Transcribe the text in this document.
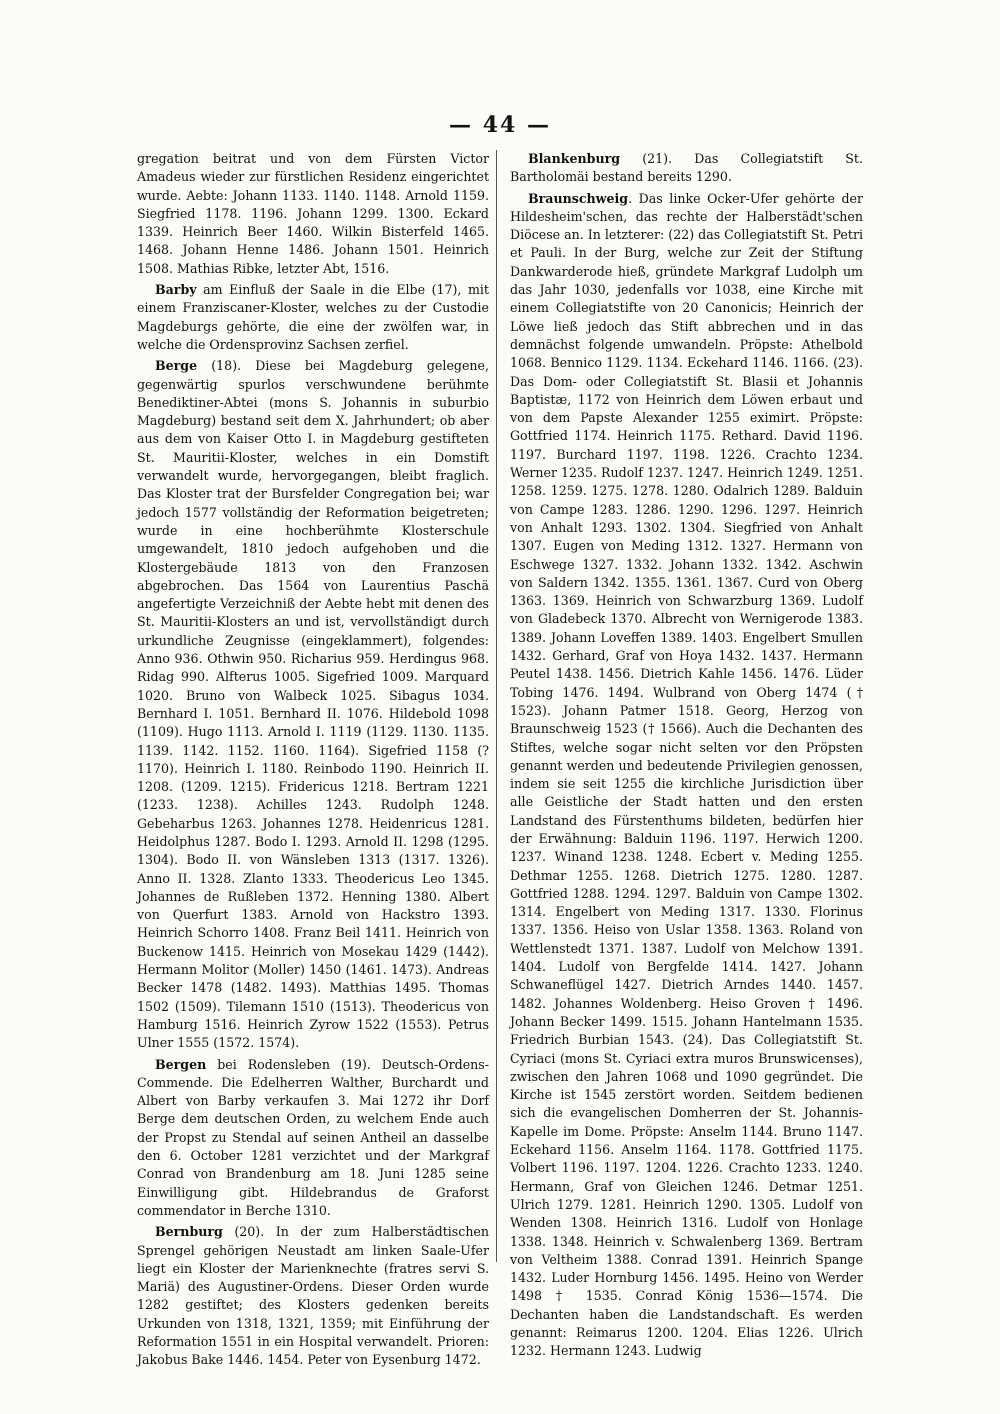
— 44 —

gregation beitrat und von dem Fürsten Victor Amadeus wieder zur fürstlichen Residenz eingerichtet wurde. Aebte: Johann 1133. 1140. 1148. Arnold 1159. Siegfried 1178. 1196. Johann 1299. 1300. Eckard 1339. Heinrich Beer 1460. Wilkin Bisterfeld 1465. 1468. Johann Henne 1486. Johann 1501. Heinrich 1508. Mathias Ribke, letzter Abt, 1516.

Barby am Einfluß der Saale in die Elbe (17), mit einem Franziscaner-Kloster, welches zu der Custodie Magdeburgs gehörte, die eine der zwölfen war, in welche die Ordensprovinz Sachsen zerfiel.

Berge (18). Diese bei Magdeburg gelegene, gegenwärtig spurlos verschwundene berühmte Benediktiner-Abtei (mons S. Johannis in suburbio Magdeburg) bestand seit dem X. Jahrhundert; ob aber aus dem von Kaiser Otto I. in Magdeburg gestifteten St. Mauritii-Kloster, welches in ein Domstift verwandelt wurde, hervorgegangen, bleibt fraglich. Das Kloster trat der Bursfelder Congregation bei; war jedoch 1577 vollständig der Reformation beigetreten; wurde in eine hochberühmte Klosterschule umgewandelt, 1810 jedoch aufgehoben und die Klostergebäude 1813 von den Franzosen abgebrochen. Das 1564 von Laurentius Paschä angefertigte Verzeichniß der Aebte hebt mit denen des St. Mauritii-Klosters an und ist, vervollständigt durch urkundliche Zeugnisse (eingeklammert), folgendes: Anno 936. Othwin 950. Richarius 959. Herdingus 968. Ridag 990. Alfterus 1005. Sigefried 1009. Marquard 1020. Bruno von Walbeck 1025. Sibagus 1034. Bernhard I. 1051. Bernhard II. 1076. Hildebold 1098 (1109). Hugo 1113. Arnold I. 1119 (1129. 1130. 1135. 1139. 1142. 1152. 1160. 1164). Sigefried 1158 (?1170). Heinrich I. 1180. Reinbodo 1190. Heinrich II. 1208. (1209. 1215). Fridericus 1218. Bertram 1221 (1233. 1238). Achilles 1243. Rudolph 1248. Gebeharbus 1263. Johannes 1278. Heidenricus 1281. Heidolphus 1287. Bodo I. 1293. Arnold II. 1298 (1295. 1304). Bodo II. von Wänsleben 1313 (1317. 1326). Anno II. 1328. Zlanto 1333. Theodericus Leo 1345. Johannes de Rußleben 1372. Henning 1380. Albert von Querfurt 1383. Arnold von Hackstro 1393. Heinrich Schorro 1408. Franz Beil 1411. Heinrich von Buckenow 1415. Heinrich von Mosekau 1429 (1442). Hermann Molitor (Moller) 1450 (1461. 1473). Andreas Becker 1478 (1482. 1493). Matthias 1495. Thomas 1502 (1509). Tilemann 1510 (1513). Theodericus von Hamburg 1516. Heinrich Zyrow 1522 (1553). Petrus Ulner 1555 (1572. 1574).

Bergen bei Rodensleben (19). Deutsch-Ordens-Commende. Die Edelherren Walther, Burchardt und Albert von Barby verkaufen 3. Mai 1272 ihr Dorf Berge dem deutschen Orden, zu welchem Ende auch der Propst zu Stendal auf seinen Antheil an dasselbe den 6. October 1281 verzichtet und der Markgraf Conrad von Brandenburg am 18. Juni 1285 seine Einwilligung gibt. Hildebrandus de Graforst commendator in Berche 1310.

Bernburg (20). In der zum Halberstädtischen Sprengel gehörigen Neustadt am linken Saale-Ufer liegt ein Kloster der Marienknechte (fratres servi S. Mariä) des Augustiner-Ordens. Dieser Orden wurde 1282 gestiftet; des Klosters gedenken bereits Urkunden von 1318, 1321, 1359; mit Einführung der Reformation 1551 in ein Hospital verwandelt. Prioren: Jakobus Bake 1446. 1454. Peter von Eysenburg 1472.

Blankenburg (21). Das Collegiatstift St. Bartholomäi bestand bereits 1290.

Braunschweig. Das linke Ocker-Ufer gehörte der Hildesheim'schen, das rechte der Halberstädt'schen Diöcese an. In letzterer: (22) das Collegiatstift St. Petri et Pauli. In der Burg, welche zur Zeit der Stiftung Dankwarderode hieß, gründete Markgraf Ludolph um das Jahr 1030, jedenfalls vor 1038, eine Kirche mit einem Collegiatstifte von 20 Canonicis; Heinrich der Löwe ließ jedoch das Stift abbrechen und in das demnächst folgende umwandeln. Pröpste: Athelbold 1068. Bennico 1129. 1134. Eckehard 1146. 1166. (23). Das Dom- oder Collegiatstift St. Blasii et Johannis Baptistæ, 1172 von Heinrich dem Löwen erbaut und von dem Papste Alexander 1255 eximirt. Pröpste: Gottfried 1174. Heinrich 1175. Rethard. David 1196. 1197. Burchard 1197. 1198. 1226. Crachto 1234. Werner 1235. Rudolf 1237. 1247. Heinrich 1249. 1251. 1258. 1259. 1275. 1278. 1280. Odalrich 1289. Balduin von Campe 1283. 1286. 1290. 1296. 1297. Heinrich von Anhalt 1293. 1302. 1304. Siegfried von Anhalt 1307. Eugen von Meding 1312. 1327. Hermann von Eschwege 1327. 1332. Johann 1332. 1342. Aschwin von Saldern 1342. 1355. 1361. 1367. Curd von Oberg 1363. 1369. Heinrich von Schwarzburg 1369. Ludolf von Gladebeck 1370. Albrecht von Wernigerode 1383. 1389. Johann Loveffen 1389. 1403. Engelbert Smullen 1432. Gerhard, Graf von Hoya 1432. 1437. Hermann Peutel 1438. 1456. Dietrich Kahle 1456. 1476. Lüder Tobing 1476. 1494. Wulbrand von Oberg 1474 († 1523). Johann Patmer 1518. Georg, Herzog von Braunschweig 1523 († 1566). Auch die Dechanten des Stiftes, welche sogar nicht selten vor den Pröpsten genannt werden und bedeutende Privilegien genossen, indem sie seit 1255 die kirchliche Jurisdiction über alle Geistliche der Stadt hatten und den ersten Landstand des Fürstenthums bildeten, bedürfen hier der Erwähnung: Balduin 1196. 1197. Herwich 1200. 1237. Winand 1238. 1248. Ecbert v. Meding 1255. Dethmar 1255. 1268. Dietrich 1275. 1280. 1287. Gottfried 1288. 1294. 1297. Balduin von Campe 1302. 1314. Engelbert von Meding 1317. 1330. Florinus 1337. 1356. Heiso von Uslar 1358. 1363. Roland von Wettlenstedt 1371. 1387. Ludolf von Melchow 1391. 1404. Ludolf von Bergfelde 1414. 1427. Johann Schwaneflügel 1427. Dietrich Arndes 1440. 1457. 1482. Johannes Woldenberg. Heiso Groven † 1496. Johann Becker 1499. 1515. Johann Hantelmann 1535. Friedrich Burbian 1543. (24). Das Collegiatstift St. Cyriaci (mons St. Cyriaci extra muros Brunswicenses), zwischen den Jahren 1068 und 1090 gegründet. Die Kirche ist 1545 zerstört worden. Seitdem bedienen sich die evangelischen Domherren der St. Johannis-Kapelle im Dome. Pröpste: Anselm 1144. Bruno 1147. Eckehard 1156. Anselm 1164. 1178. Gottfried 1175. Volbert 1196. 1197. 1204. 1226. Crachto 1233. 1240. Hermann, Graf von Gleichen 1246. Detmar 1251. Ulrich 1279. 1281. Heinrich 1290. 1305. Ludolf von Wenden 1308. Heinrich 1316. Ludolf von Honlage 1338. 1348. Heinrich v. Schwalenberg 1369. Bertram von Veltheim 1388. Conrad 1391. Heinrich Spange 1432. Luder Hornburg 1456. 1495. Heino von Werder 1498 † 1535. Conrad König 1536—1574. Die Dechanten haben die Landstandschaft. Es werden genannt: Reimarus 1200. 1204. Elias 1226. Ulrich 1232. Hermann 1243. Ludwig
